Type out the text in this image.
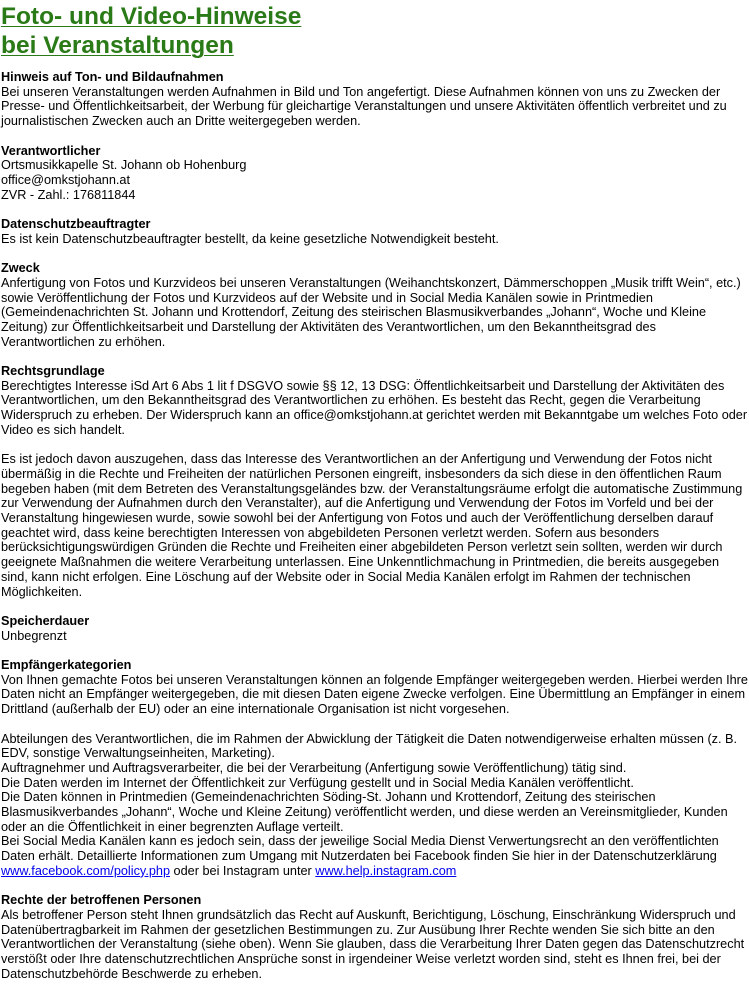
Foto- und Video-Hinweise
bei Veranstaltungen
Hinweis auf Ton- und Bildaufnahmen
Bei unseren Veranstaltungen werden Aufnahmen in Bild und Ton angefertigt. Diese Aufnahmen können von uns zu Zwecken der Presse- und Öffentlichkeitsarbeit, der Werbung für gleichartige Veranstaltungen und unsere Aktivitäten öffentlich verbreitet und zu journalistischen Zwecken auch an Dritte weitergegeben werden.
Verantwortlicher
Ortsmusikkapelle St. Johann ob Hohenburg
office@omkstjohann.at
ZVR - Zahl.: 176811844
Datenschutzbeauftragter
Es ist kein Datenschutzbeauftragter bestellt, da keine gesetzliche Notwendigkeit besteht.
Zweck
Anfertigung von Fotos und Kurzvideos bei unseren Veranstaltungen (Weihanchtskonzert, Dämmerschoppen „Musik trifft Wein“, etc.) sowie Veröffentlichung der Fotos und Kurzvideos auf der Website und in Social Media Kanälen sowie in Printmedien (Gemeindenachrichten St. Johann und Krottendorf, Zeitung des steirischen Blasmusikverbandes „Johann“, Woche und Kleine Zeitung) zur Öffentlichkeitsarbeit und Darstellung der Aktivitäten des Verantwortlichen, um den Bekanntheitsgrad des Verantwortlichen zu erhöhen.
Rechtsgrundlage
Berechtigtes Interesse iSd Art 6 Abs 1 lit f DSGVO sowie §§ 12, 13 DSG: Öffentlichkeitsarbeit und Darstellung der Aktivitäten des Verantwortlichen, um den Bekanntheitsgrad des Verantwortlichen zu erhöhen. Es besteht das Recht, gegen die Verarbeitung Widerspruch zu erheben. Der Widerspruch kann an office@omkstjohann.at gerichtet werden mit Bekanntgabe um welches Foto oder Video es sich handelt.
Es ist jedoch davon auszugehen, dass das Interesse des Verantwortlichen an der Anfertigung und Verwendung der Fotos nicht übermäßig in die Rechte und Freiheiten der natürlichen Personen eingreift, insbesonders da sich diese in den öffentlichen Raum begeben haben (mit dem Betreten des Veranstaltungsgeländes bzw. der Veranstaltungsräume erfolgt die automatische Zustimmung zur Verwendung der Aufnahmen durch den Veranstalter), auf die Anfertigung und Verwendung der Fotos im Vorfeld und bei der Veranstaltung hingewiesen wurde, sowie sowohl bei der Anfertigung von Fotos und auch der Veröffentlichung derselben darauf geachtet wird, dass keine berechtigten Interessen von abgebildeten Personen verletzt werden. Sofern aus besonders berücksichtigungswürdigen Gründen die Rechte und Freiheiten einer abgebildeten Person verletzt sein sollten, werden wir durch geeignete Maßnahmen die weitere Verarbeitung unterlassen. Eine Unkenntlichmachung in Printmedien, die bereits ausgegeben sind, kann nicht erfolgen. Eine Löschung auf der Website oder in Social Media Kanälen erfolgt im Rahmen der technischen Möglichkeiten.
Speicherdauer
Unbegrenzt
Empfängerkategorien
Von Ihnen gemachte Fotos bei unseren Veranstaltungen können an folgende Empfänger weitergegeben werden. Hierbei werden Ihre Daten nicht an Empfänger weitergegeben, die mit diesen Daten eigene Zwecke verfolgen. Eine Übermittlung an Empfänger in einem Drittland (außerhalb der EU) oder an eine internationale Organisation ist nicht vorgesehen.
Abteilungen des Verantwortlichen, die im Rahmen der Abwicklung der Tätigkeit die Daten notwendigerweise erhalten müssen (z. B. EDV, sonstige Verwaltungseinheiten, Marketing).
Auftragnehmer und Auftragsverarbeiter, die bei der Verarbeitung (Anfertigung sowie Veröffentlichung) tätig sind.
Die Daten werden im Internet der Öffentlichkeit zur Verfügung gestellt und in Social Media Kanälen veröffentlicht.
Die Daten können in Printmedien (Gemeindenachrichten Söding-St. Johann und Krottendorf, Zeitung des steirischen Blasmusikverbandes „Johann“, Woche und Kleine Zeitung) veröffentlicht werden, und diese werden an Vereinsmitglieder, Kunden oder an die Öffentlichkeit in einer begrenzten Auflage verteilt.
Bei Social Media Kanälen kann es jedoch sein, dass der jeweilige Social Media Dienst Verwertungsrecht an den veröffentlichten Daten erhält. Detaillierte Informationen zum Umgang mit Nutzerdaten bei Facebook finden Sie hier in der Datenschutzerklärung www.facebook.com/policy.php oder bei Instagram unter www.help.instagram.com
Rechte der betroffenen Personen
Als betroffener Person steht Ihnen grundsätzlich das Recht auf Auskunft, Berichtigung, Löschung, Einschränkung Widerspruch und Datenübertragbarkeit im Rahmen der gesetzlichen Bestimmungen zu. Zur Ausübung Ihrer Rechte wenden Sie sich bitte an den Verantwortlichen der Veranstaltung (siehe oben). Wenn Sie glauben, dass die Verarbeitung Ihrer Daten gegen das Datenschutzrecht verstößt oder Ihre datenschutzrechtlichen Ansprüche sonst in irgendeiner Weise verletzt worden sind, steht es Ihnen frei, bei der Datenschutzbehörde Beschwerde zu erheben.
